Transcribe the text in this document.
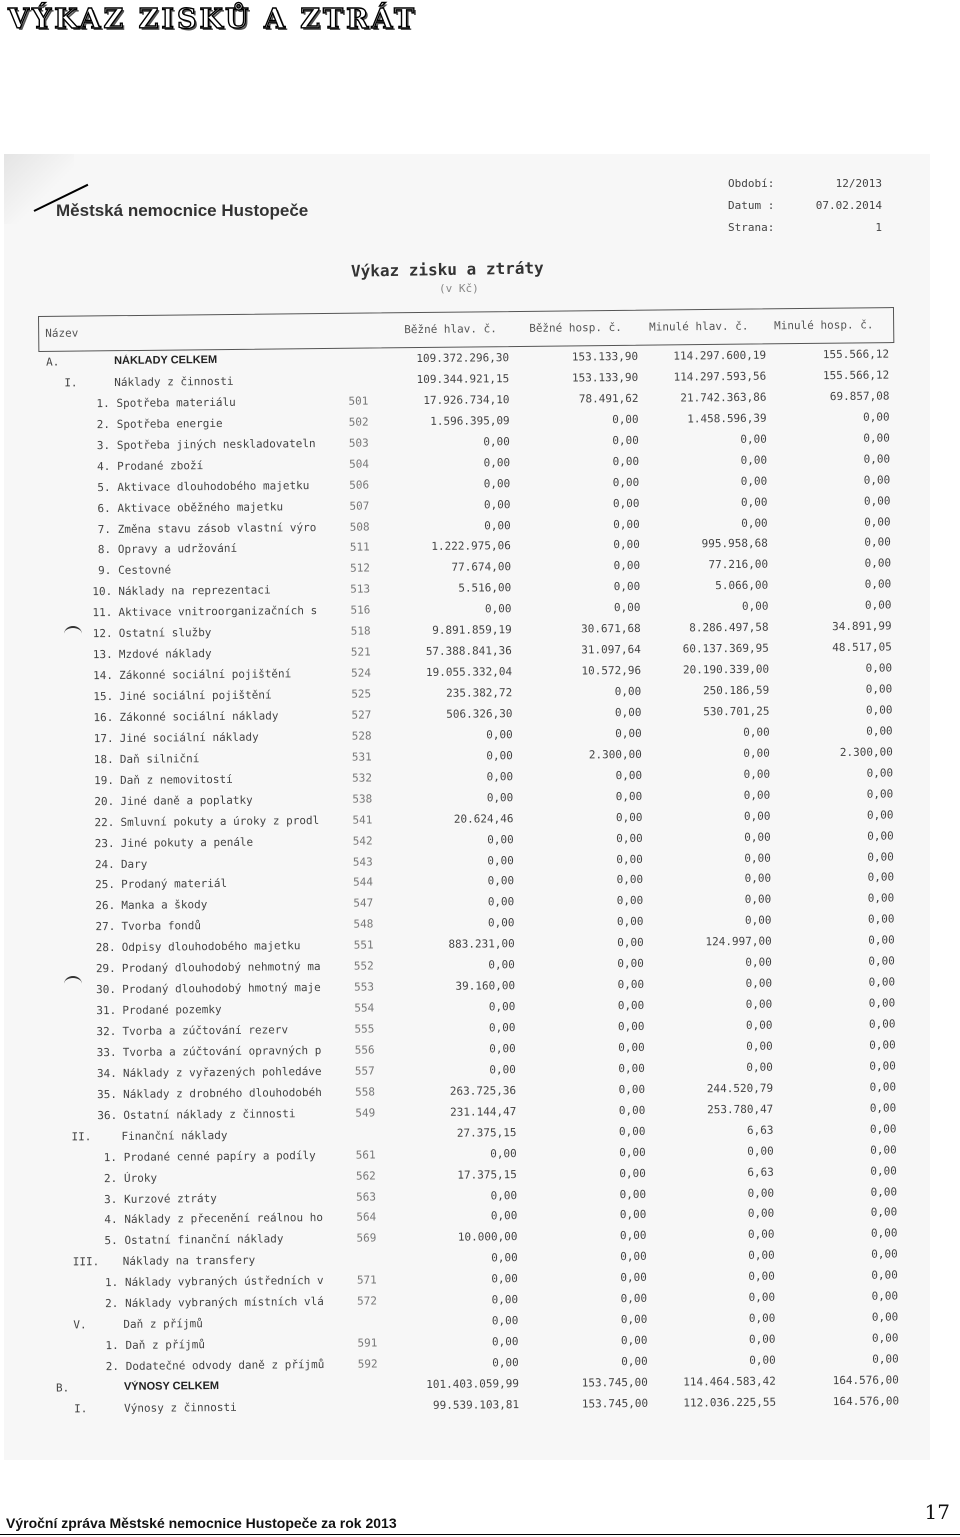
VÝKAZ ZISKŮ A ZTRÁT
Městská nemocnice Hustopeče
Období:	12/2013
Datum :	07.02.2014
Strana:	1
Výkaz zisku a ztráty
(v Kč)
Název	Běžné hlav. č.	Běžné hosp. č. Minulé hlav. č. Minulé hosp. č.
A.	NÁKLADY CELKEM	109.372.296,30	153.133,90	114.297.600,19	155.566,12
I.	Náklady z činnosti	109.344.921,15	153.133,90	114.297.593,56	155.566,12
1. Spotřeba materiálu	501	17.926.734,10	78.491,62	21.742.363,86	69.857,08
2. Spotřeba energie	502	1.596.395,09	0,00	1.458.596,39	0,00
3. Spotřeba jiných neskladovateln	503	0,00	0,00	0,00	0,00
4. Prodané zboží	504	0,00	0,00	0,00	0,00
5. Aktivace dlouhodobého majetku	506	0,00	0,00	0,00	0,00
6. Aktivace oběžného majetku	507	0,00	0,00	0,00	0,00
7. Změna stavu zásob vlastní výro	508	0,00	0,00	0,00	0,00
8. Opravy a udržování	511	1.222.975,06	0,00	995.958,68	0,00
9. Cestovné	512	77.674,00	0,00	77.216,00	0,00
10. Náklady na reprezentaci	513	5.516,00	0,00	5.066,00	0,00
11. Aktivace vnitroorganizačních s	516	0,00	0,00	0,00	0,00
12. Ostatní služby	518	9.891.859,19	30.671,68	8.286.497,58	34.891,99
13. Mzdové náklady	521	57.388.841,36	31.097,64	60.137.369,95	48.517,05
14. Zákonné sociální pojištění	524	19.055.332,04	10.572,96	20.190.339,00	0,00
15. Jiné sociální pojištění	525	235.382,72	0,00	250.186,59	0,00
16. Zákonné sociální náklady	527	506.326,30	0,00	530.701,25	0,00
17. Jiné sociální náklady	528	0,00	0,00	0,00	0,00
18. Daň silniční	531	0,00	2.300,00	0,00	2.300,00
19. Daň z nemovitostí	532	0,00	0,00	0,00	0,00
20. Jiné daně a poplatky	538	0,00	0,00	0,00	0,00
22. Smluvní pokuty a úroky z prodl	541	20.624,46	0,00	0,00	0,00
23. Jiné pokuty a penále	542	0,00	0,00	0,00	0,00
24. Dary	543	0,00	0,00	0,00	0,00
25. Prodaný materiál	544	0,00	0,00	0,00	0,00
26. Manka a škody	547	0,00	0,00	0,00	0,00
27. Tvorba fondů	548	0,00	0,00	0,00	0,00
28. Odpisy dlouhodobého majetku	551	883.231,00	0,00	124.997,00	0,00
29. Prodaný dlouhodobý nehmotný ma	552	0,00	0,00	0,00	0,00
30. Prodaný dlouhodobý hmotný maje	553	39.160,00	0,00	0,00	0,00
31. Prodané pozemky	554	0,00	0,00	0,00	0,00
32. Tvorba a zúčtování rezerv	555	0,00	0,00	0,00	0,00
33. Tvorba a zúčtování opravných p	556	0,00	0,00	0,00	0,00
34. Náklady z vyřazených pohledáve	557	0,00	0,00	0,00	0,00
35. Náklady z drobného dlouhodobéh	558	263.725,36	0,00	244.520,79	0,00
36. Ostatní náklady z činnosti	549	231.144,47	0,00	253.780,47	0,00
II.	Finanční náklady	27.375,15	0,00	6,63	0,00
1. Prodané cenné papíry a podíly	561	0,00	0,00	0,00	0,00
2. Úroky	562	17.375,15	0,00	6,63	0,00
3. Kurzové ztráty	563	0,00	0,00	0,00	0,00
4. Náklady z přecenění reálnou ho	564	0,00	0,00	0,00	0,00
5. Ostatní finanční náklady	569	10.000,00	0,00	0,00	0,00
III. Náklady na transfery	0,00	0,00	0,00	0,00
1. Náklady vybraných ústředních v	571	0,00	0,00	0,00	0,00
2. Náklady vybraných místních vlá	572	0,00	0,00	0,00	0,00
V.	Daň z příjmů	0,00	0,00	0,00	0,00
1. Daň z příjmů	591	0,00	0,00	0,00	0,00
2. Dodatečné odvody daně z příjmů	592	0,00	0,00	0,00	0,00
B.	VÝNOSY CELKEM	101.403.059,99	153.745,00	114.464.583,42	164.576,00
I.	Výnosy z činnosti	99.539.103,81	153.745,00	112.036.225,55	164.576,00
Výroční zpráva Městské nemocnice Hustopeče za rok 2013	17
